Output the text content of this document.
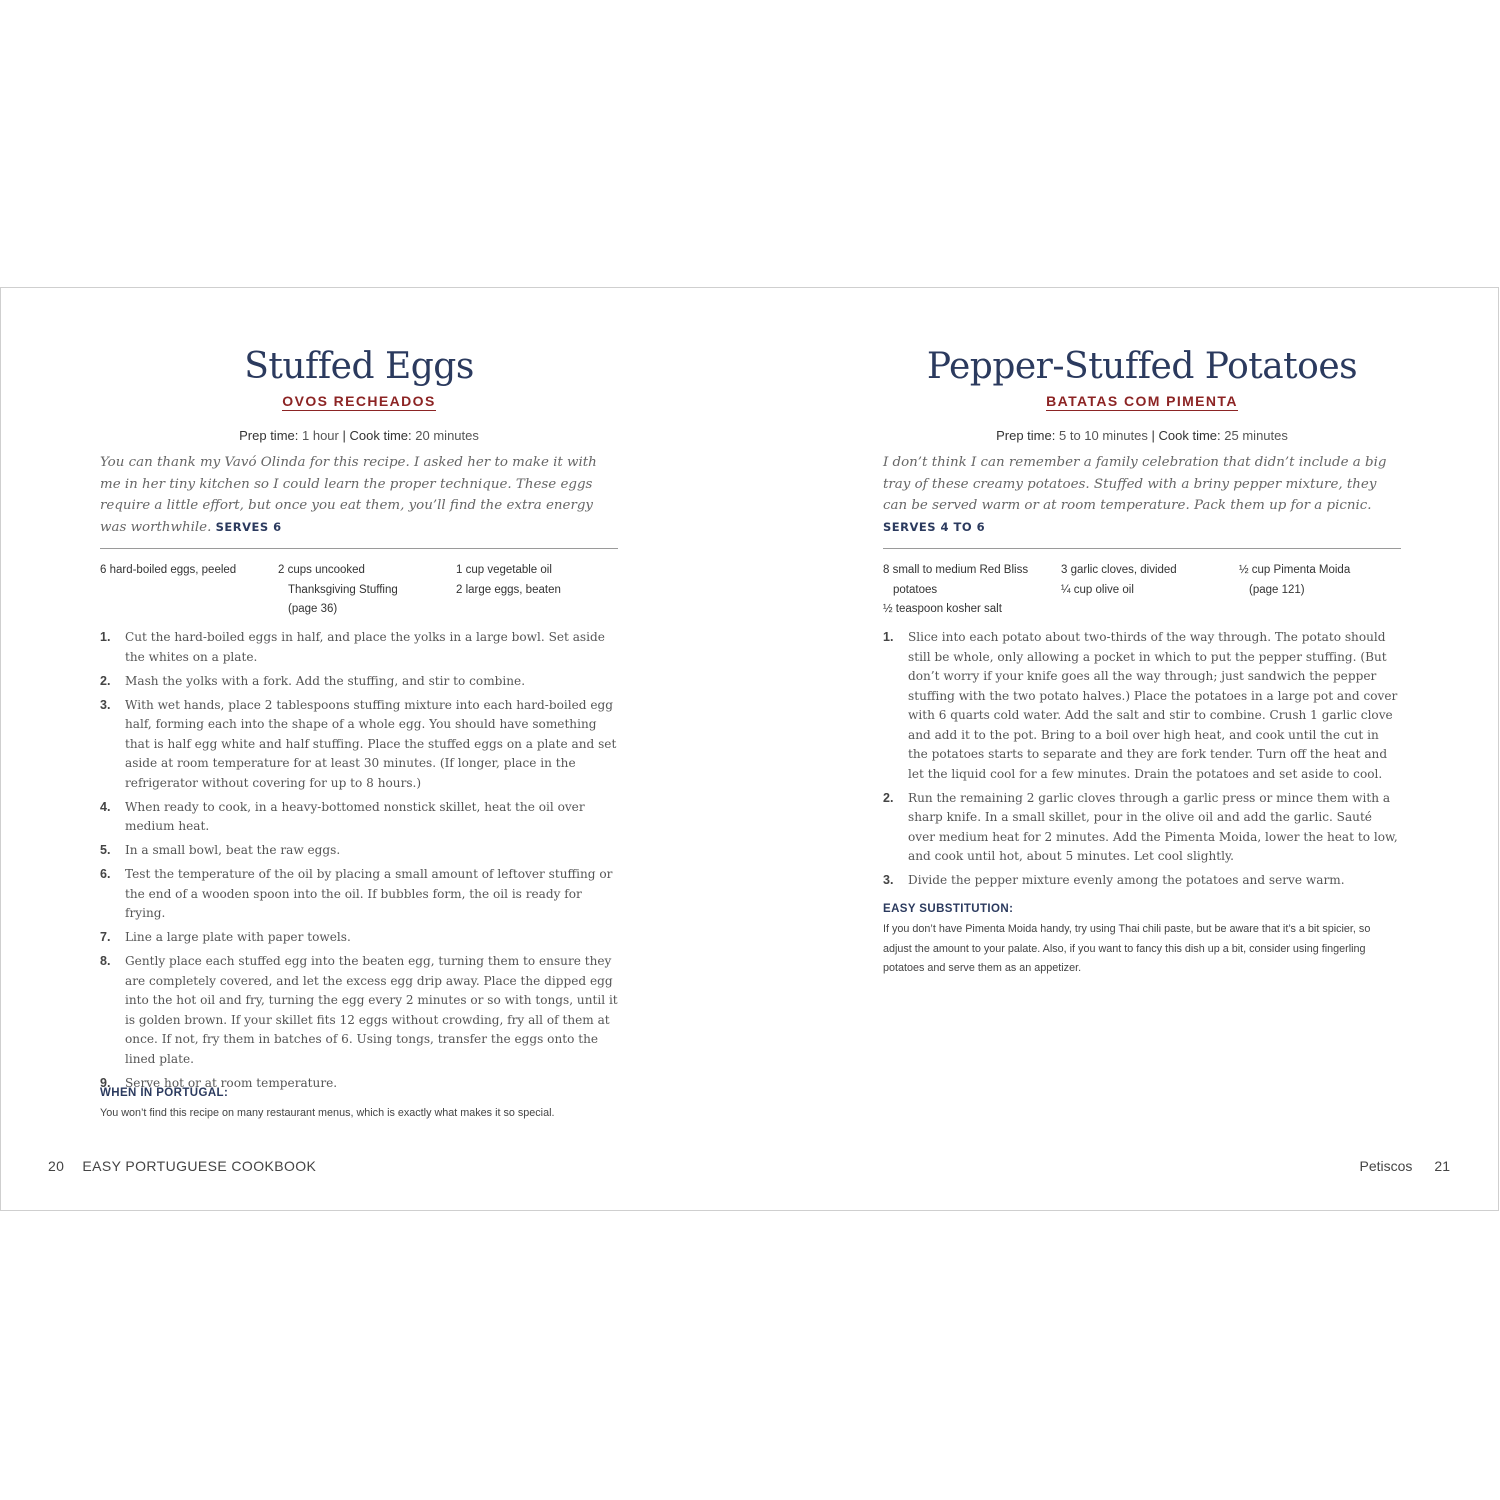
Stuffed Eggs
OVOS RECHEADOS
Prep time: 1 hour | Cook time: 20 minutes

You can thank my Vavó Olinda for this recipe. I asked her to make it with me in her tiny kitchen so I could learn the proper technique. These eggs require a little effort, but once you eat them, you’ll find the extra energy was worthwhile. SERVES 6

6 hard-boiled eggs, peeled	2 cups uncooked
Thanksgiving Stuffing
(page 36)
1 cup vegetable oil
2 large eggs, beaten
1. Cut the hard-boiled eggs in half, and place the yolks in a large bowl. Set aside the whites on a plate.
2. Mash the yolks with a fork. Add the stuffing, and stir to combine.
3. With wet hands, place 2 tablespoons stuffing mixture into each hard-boiled egg half, forming each into the shape of a whole egg. You should have something that is half egg white and half stuffing. Place the stuffed eggs on a plate and set aside at room temperature for at least 30 minutes. (If longer, place in the refrigerator without covering for up to 8 hours.)
4. When ready to cook, in a heavy-bottomed nonstick skillet, heat the oil over medium heat.
5. In a small bowl, beat the raw eggs.
6. Test the temperature of the oil by placing a small amount of leftover stuffing or the end of a wooden spoon into the oil. If bubbles form, the oil is ready for frying.
7. Line a large plate with paper towels.
8. Gently place each stuffed egg into the beaten egg, turning them to ensure they are completely covered, and let the excess egg drip away. Place the dipped egg into the hot oil and fry, turning the egg every 2 minutes or so with tongs, until it is golden brown. If your skillet fits 12 eggs without crowding, fry all of them at once. If not, fry them in batches of 6. Using tongs, transfer the eggs onto the lined plate.
9. Serve hot or at room temperature.
WHEN IN PORTUGAL:
You won’t find this recipe on many restaurant menus, which is exactly what makes it so special.
Pepper-Stuffed Potatoes
BATATAS COM PIMENTA
Prep time: 5 to 10 minutes | Cook time: 25 minutes

I don’t think I can remember a family celebration that didn’t include a big tray of these creamy potatoes. Stuffed with a briny pepper mixture, they can be served warm or at room temperature. Pack them up for a picnic. SERVES 4 TO 6

8 small to medium Red Bliss
potatoes
½ teaspoon kosher salt
3 garlic cloves, divided
¼ cup olive oil
½ cup Pimenta Moida
(page 121)
1. Slice into each potato about two-thirds of the way through. The potato should still be whole, only allowing a pocket in which to put the pepper stuffing. (But don’t worry if your knife goes all the way through; just sandwich the pepper stuffing with the two potato halves.) Place the potatoes in a large pot and cover with 6 quarts cold water. Add the salt and stir to combine. Crush 1 garlic clove and add it to the pot. Bring to a boil over high heat, and cook until the cut in the potatoes starts to separate and they are fork tender. Turn off the heat and let the liquid cool for a few minutes. Drain the potatoes and set aside to cool.
2. Run the remaining 2 garlic cloves through a garlic press or mince them with a sharp knife. In a small skillet, pour in the olive oil and add the garlic. Sauté over medium heat for 2 minutes. Add the Pimenta Moida, lower the heat to low, and cook until hot, about 5 minutes. Let cool slightly.
3. Divide the pepper mixture evenly among the potatoes and serve warm.
EASY SUBSTITUTION:
If you don’t have Pimenta Moida handy, try using Thai chili paste, but be aware that it’s a bit spicier, so adjust the amount to your palate. Also, if you want to fancy this dish up a bit, consider using fingerling potatoes and serve them as an appetizer.
20 EASY PORTUGUESE COOKBOOK	Petiscos 21
